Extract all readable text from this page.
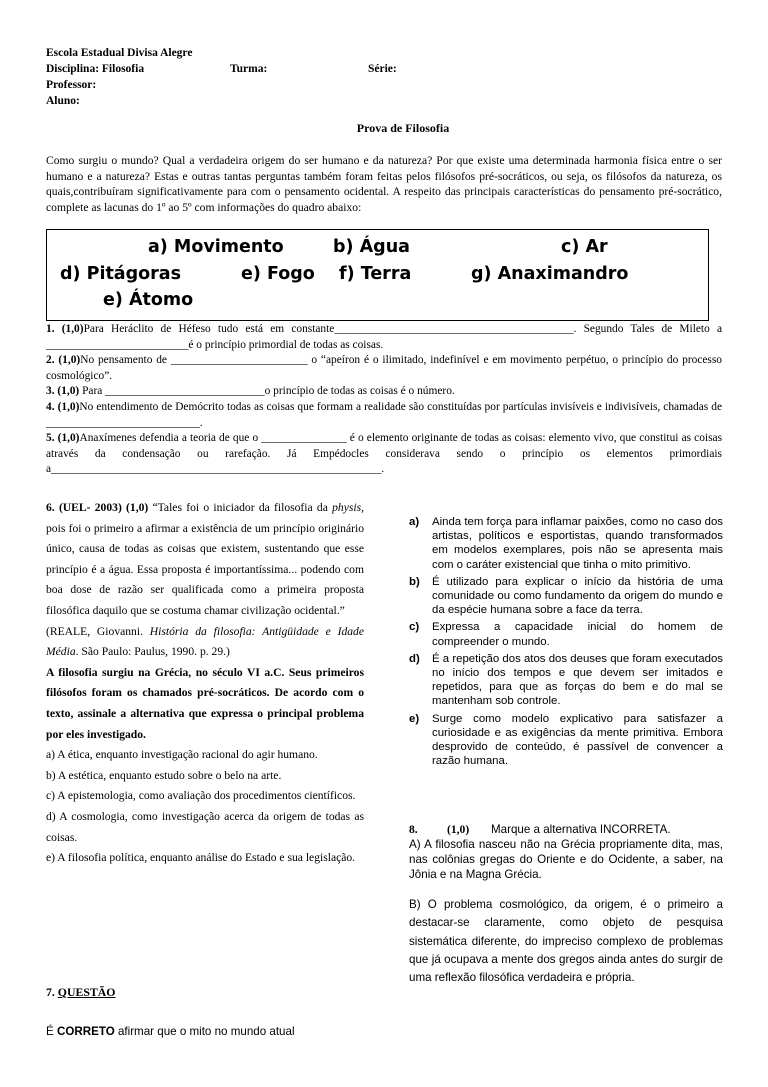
Escola Estadual Divisa Alegre
Disciplina: Filosofia	Turma:	Série:
Professor:
Aluno:
Prova de Filosofia
Como surgiu o mundo? Qual a verdadeira origem do ser humano e da natureza? Por que existe uma determinada harmonia física entre o ser humano e a natureza? Estas e outras tantas perguntas também foram feitas pelos filósofos pré-socráticos, ou seja, os filósofos da natureza, os quais,contribuíram significativamente para com o pensamento ocidental. A respeito das principais características do pensamento pré-socrático, complete as lacunas do 1º ao 5º com informações do quadro abaixo:
a) Movimento	b) Água	c) Ar
d) Pitágoras	e) Fogo f) Terra	g) Anaximandro
e) Átomo

1. (1,0)Para Heráclito de Héfeso tudo está em constante__________________________________________. Segundo Tales de Mileto a _________________________é o princípio primordial de todas as coisas.

2. (1,0)No pensamento de ________________________ o “apeíron é o ilimitado, indefinível e em movimento perpétuo, o princípio do processo cosmológico”.

3. (1,0) Para ____________________________o princípio de todas as coisas é o número.

4. (1,0)No entendimento de Demócrito todas as coisas que formam a realidade são constituídas por partículas invisíveis e indivisíveis, chamadas de ___________________________.

5. (1,0)Anaxímenes defendia a teoria de que o _______________ é o elemento originante de todas as coisas: elemento vivo, que constitui as coisas através da condensação ou rarefação. Já Empédocles considerava sendo o princípio os elementos primordiais a__________________________________________________________.

6. (UEL- 2003) (1,0) “Tales foi o iniciador da filosofia da physis, pois foi o primeiro a afirmar a existência de um princípio originário único, causa de todas as coisas que existem, sustentando que esse princípio é a água. Essa proposta é importantíssima... podendo com boa dose de razão ser qualificada como a primeira proposta filosófica daquilo que se costuma chamar civilização ocidental.”

(REALE, Giovanni. História da filosofia: Antigüidade e Idade Média. São Paulo: Paulus, 1990. p. 29.)

A filosofia surgiu na Grécia, no século VI a.C. Seus primeiros filósofos foram os chamados pré-socráticos. De acordo com o texto, assinale a alternativa que expressa o principal problema por eles investigado.

a) A ética, enquanto investigação racional do agir humano.

b) A estética, enquanto estudo sobre o belo na arte.

c) A epistemologia, como avaliação dos procedimentos científicos.

d) A cosmologia, como investigação acerca da origem de todas as coisas.

e) A filosofia política, enquanto análise do Estado e sua legislação.

a) Ainda tem força para inflamar paixões, como no caso dos artistas, políticos e esportistas, quando transformados em modelos exemplares, pois não se apresenta mais com o caráter existencial que tinha o mito primitivo.
b) É utilizado para explicar o início da história de uma comunidade ou como fundamento da origem do mundo e da espécie humana sobre a face da terra.
c) Expressa a capacidade inicial do homem de compreender o mundo.
d) É a repetição dos atos dos deuses que foram executados no início dos tempos e que devem ser imitados e repetidos, para que as forças do bem e do mal se mantenham sob controle.
e) Surge como modelo explicativo para satisfazer a curiosidade e as exigências da mente primitiva. Embora desprovido de conteúdo, é passível de convencer a razão humana.
8.	(1,0) Marque a alternativa INCORRETA.
A) A filosofia nasceu não na Grécia propriamente dita, mas, nas colônias gregas do Oriente e do Ocidente, a saber, na Jônia e na Magna Grécia.
B) O problema cosmológico, da origem, é o primeiro a destacar-se claramente, como objeto de pesquisa sistemática diferente, do impreciso complexo de problemas que já ocupava a mente dos gregos ainda antes do surgir de uma reflexão filosófica verdadeira e própria.
7. QUESTÃO
É CORRETO afirmar que o mito no mundo atual
